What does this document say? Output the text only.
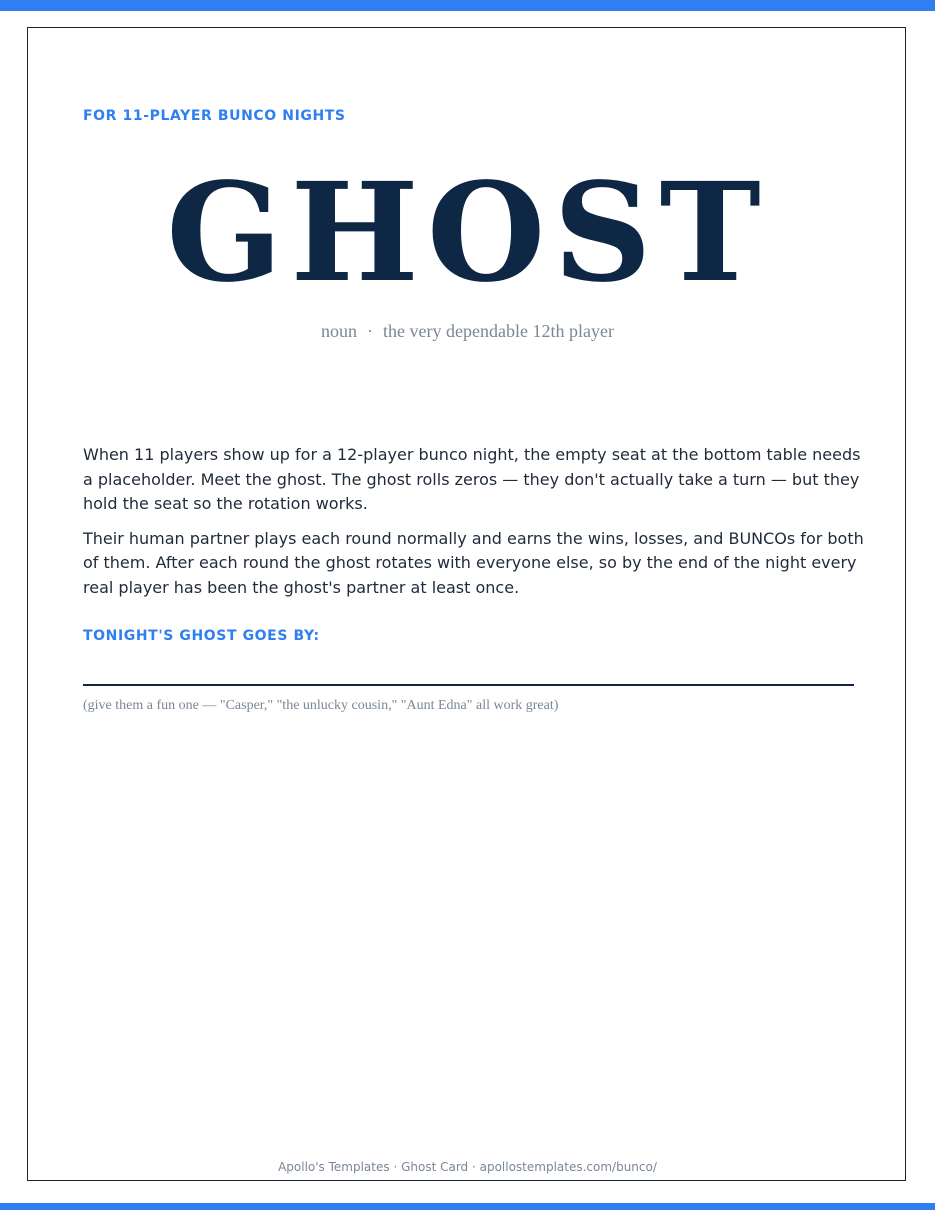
FOR 11-PLAYER BUNCO NIGHTS
GHOST
noun · the very dependable 12th player

When 11 players show up for a 12-player bunco night, the empty seat at the bottom table needs a placeholder. Meet the ghost. The ghost rolls zeros — they don't actually take a turn — but they hold the seat so the rotation works.

Their human partner plays each round normally and earns the wins, losses, and BUNCOs for both of them. After each round the ghost rotates with everyone else, so by the end of the night every real player has been the ghost's partner at least once.

TONIGHT'S GHOST GOES BY:
(give them a fun one — "Casper," "the unlucky cousin," "Aunt Edna" all work great)
Apollo's Templates · Ghost Card · apollostemplates.com/bunco/
